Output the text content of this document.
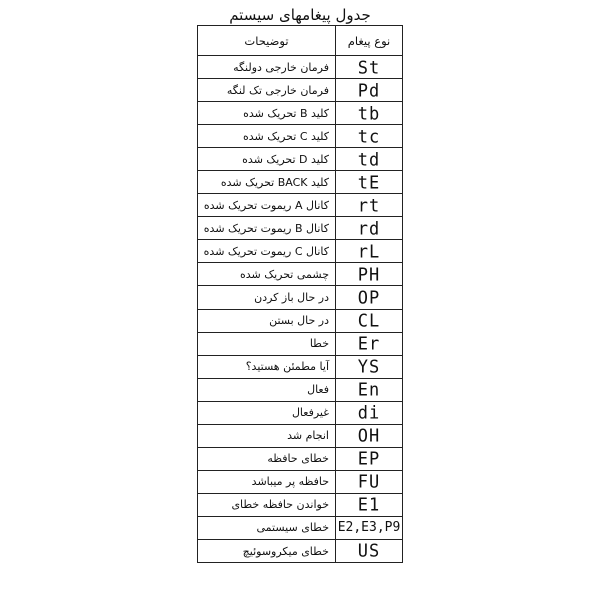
جدول پیغامهای سیستم
توضیحات	نوع پیغام
فرمان خارجی دولنگه	St
فرمان خارجی تک لنگه	Pd
کلید B تحریک شده	tb
کلید C تحریک شده	tc
کلید D تحریک شده	td
کلید BACK تحریک شده	tE
کانال A ریموت تحریک شده	rt
کانال B ریموت تحریک شده	rd
کانال C ریموت تحریک شده	rL
چشمی تحریک شده	PH
در حال باز کردن	OP
در حال بستن	CL
خطا	Er
آیا مطمئن هستید؟	YS
فعال	En
غیرفعال	di
انجام شد	OH
خطای حافظه	EP
حافظه پر میباشد	FU
خواندن حافظه خطای	E1
خطای سیستمی	E2,E3,P9
خطای میکروسوئیچ	US
